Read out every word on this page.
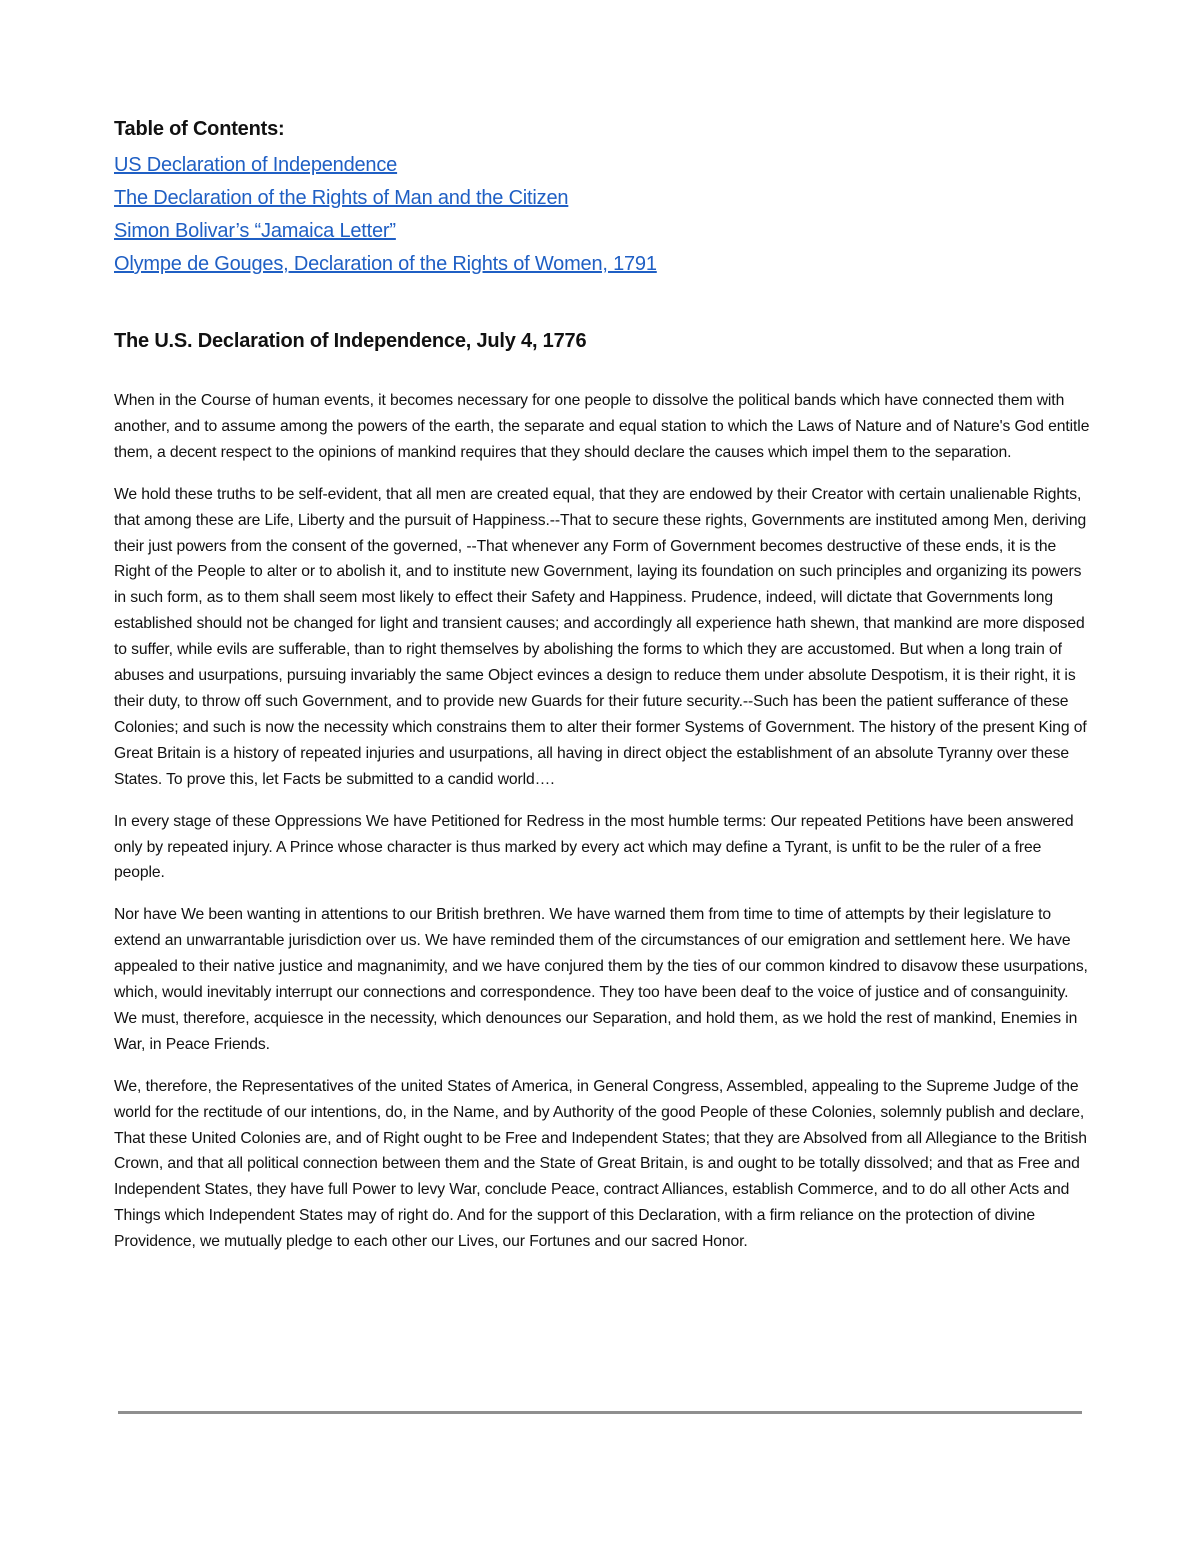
Table of Contents:
US Declaration of Independence
The Declaration of the Rights of Man and the Citizen
Simon Bolivar’s “Jamaica Letter”
Olympe de Gouges, Declaration of the Rights of Women, 1791
The U.S. Declaration of Independence, July 4, 1776

When in the Course of human events, it becomes necessary for one people to dissolve the political bands which have connected them with another, and to assume among the powers of the earth, the separate and equal station to which the Laws of Nature and of Nature's God entitle them, a decent respect to the opinions of mankind requires that they should declare the causes which impel them to the separation.

We hold these truths to be self-evident, that all men are created equal, that they are endowed by their Creator with certain unalienable Rights, that among these are Life, Liberty and the pursuit of Happiness.--That to secure these rights, Governments are instituted among Men, deriving their just powers from the consent of the governed, --That whenever any Form of Government becomes destructive of these ends, it is the Right of the People to alter or to abolish it, and to institute new Government, laying its foundation on such principles and organizing its powers in such form, as to them shall seem most likely to effect their Safety and Happiness. Prudence, indeed, will dictate that Governments long established should not be changed for light and transient causes; and accordingly all experience hath shewn, that mankind are more disposed to suffer, while evils are sufferable, than to right themselves by abolishing the forms to which they are accustomed. But when a long train of abuses and usurpations, pursuing invariably the same Object evinces a design to reduce them under absolute Despotism, it is their right, it is their duty, to throw off such Government, and to provide new Guards for their future security.--Such has been the patient sufferance of these Colonies; and such is now the necessity which constrains them to alter their former Systems of Government. The history of the present King of Great Britain is a history of repeated injuries and usurpations, all having in direct object the establishment of an absolute Tyranny over these States. To prove this, let Facts be submitted to a candid world….

In every stage of these Oppressions We have Petitioned for Redress in the most humble terms: Our repeated Petitions have been answered only by repeated injury. A Prince whose character is thus marked by every act which may define a Tyrant, is unfit to be the ruler of a free people.

Nor have We been wanting in attentions to our British brethren. We have warned them from time to time of attempts by their legislature to extend an unwarrantable jurisdiction over us. We have reminded them of the circumstances of our emigration and settlement here. We have appealed to their native justice and magnanimity, and we have conjured them by the ties of our common kindred to disavow these usurpations, which, would inevitably interrupt our connections and correspondence. They too have been deaf to the voice of justice and of consanguinity. We must, therefore, acquiesce in the necessity, which denounces our Separation, and hold them, as we hold the rest of mankind, Enemies in War, in Peace Friends.

We, therefore, the Representatives of the united States of America, in General Congress, Assembled, appealing to the Supreme Judge of the world for the rectitude of our intentions, do, in the Name, and by Authority of the good People of these Colonies, solemnly publish and declare, That these United Colonies are, and of Right ought to be Free and Independent States; that they are Absolved from all Allegiance to the British Crown, and that all political connection between them and the State of Great Britain, is and ought to be totally dissolved; and that as Free and Independent States, they have full Power to levy War, conclude Peace, contract Alliances, establish Commerce, and to do all other Acts and Things which Independent States may of right do. And for the support of this Declaration, with a firm reliance on the protection of divine Providence, we mutually pledge to each other our Lives, our Fortunes and our sacred Honor.
